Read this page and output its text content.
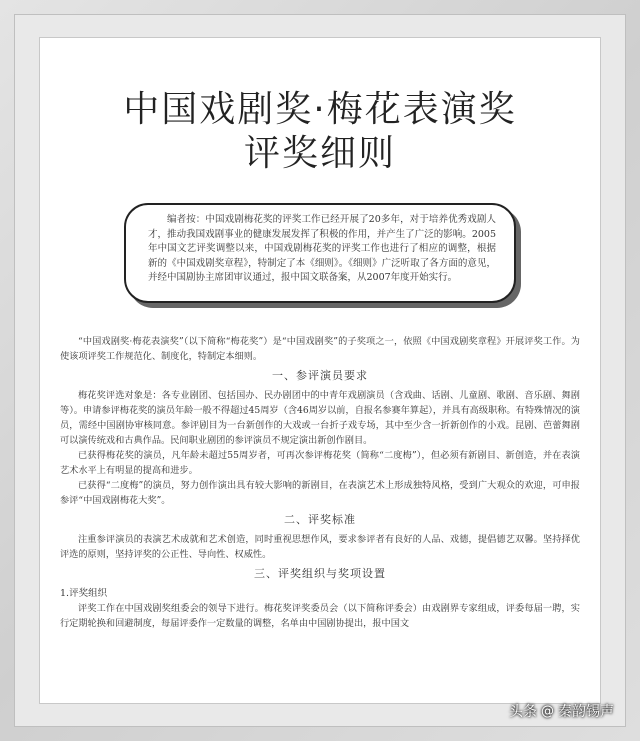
中国戏剧奖·梅花表演奖
评奖细则
编者按：中国戏剧梅花奖的评奖工作已经开展了20多年，对于培养优秀戏剧人才，推动我国戏剧事业的健康发展发挥了积极的作用，并产生了广泛的影响。2005年中国文艺评奖调整以来，中国戏剧梅花奖的评奖工作也进行了相应的调整，根据新的《中国戏剧奖章程》，特制定了本《细则》。《细则》广泛听取了各方面的意见，并经中国剧协主席团审议通过，报中国文联备案，从2007年度开始实行。

“中国戏剧奖·梅花表演奖”（以下简称“梅花奖”）是“中国戏剧奖”的子奖项之一，依照《中国戏剧奖章程》开展评奖工作。为使该项评奖工作规范化、制度化，特制定本细则。

一、参评演员要求

梅花奖评选对象是：各专业剧团、包括国办、民办剧团中的中青年戏剧演员（含戏曲、话剧、儿童剧、歌剧、音乐剧、舞剧等）。申请参评梅花奖的演员年龄一般不得超过45周岁（含46周岁以前，自报名参赛年算起），并具有高级职称。有特殊情况的演员，需经中国剧协审核同意。参评剧目为一台新创作的大戏或一台折子戏专场，其中至少含一折新创作的小戏。昆剧、芭蕾舞剧可以演传统戏和古典作品。民间职业剧团的参评演员不规定演出新创作剧目。

已获得梅花奖的演员，凡年龄未超过55周岁者，可再次参评梅花奖（简称“二度梅”），但必须有新剧目、新创造，并在表演艺术水平上有明显的提高和进步。

已获得“二度梅”的演员，努力创作演出具有较大影响的新剧目，在表演艺术上形成独特风格，受到广大观众的欢迎，可申报参评“中国戏剧梅花大奖”。

二、评奖标准

注重参评演员的表演艺术成就和艺术创造，同时重视思想作风，要求参评者有良好的人品、戏德，提倡德艺双馨。坚持择优评选的原则，坚持评奖的公正性、导向性、权威性。

三、评奖组织与奖项设置
1.评奖组织

评奖工作在中国戏剧奖组委会的领导下进行。梅花奖评奖委员会（以下简称评委会）由戏剧界专家组成，评委每届一聘，实行定期轮换和回避制度，每届评委作一定数量的调整，名单由中国剧协提出，报中国文

头条 @ 秦韵锡声
